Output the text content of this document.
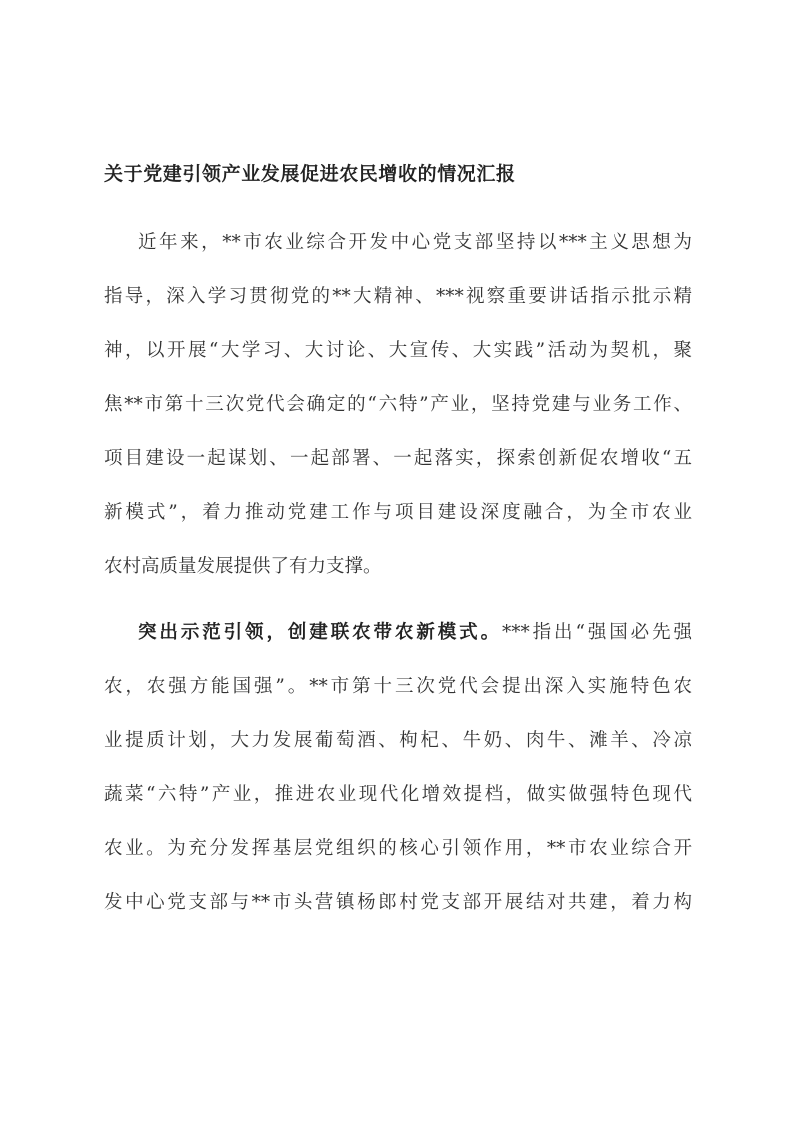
关于党建引领产业发展促进农民增收的情况汇报
近年来，**市农业综合开发中心党支部坚持以***主义思想为
指导，深入学习贯彻党的**大精神、***视察重要讲话指示批示精
神，以开展“大学习、大讨论、大宣传、大实践”活动为契机，聚
焦**市第十三次党代会确定的“六特”产业，坚持党建与业务工作、
项目建设一起谋划、一起部署、一起落实，探索创新促农增收“五
新模式”，着力推动党建工作与项目建设深度融合，为全市农业
农村高质量发展提供了有力支撑。
突出示范引领，创建联农带农新模式。***指出“强国必先强
农，农强方能国强”。**市第十三次党代会提出深入实施特色农
业提质计划，大力发展葡萄酒、枸杞、牛奶、肉牛、滩羊、冷凉
蔬菜“六特”产业，推进农业现代化增效提档，做实做强特色现代
农业。为充分发挥基层党组织的核心引领作用，**市农业综合开
发中心党支部与**市头营镇杨郎村党支部开展结对共建，着力构
